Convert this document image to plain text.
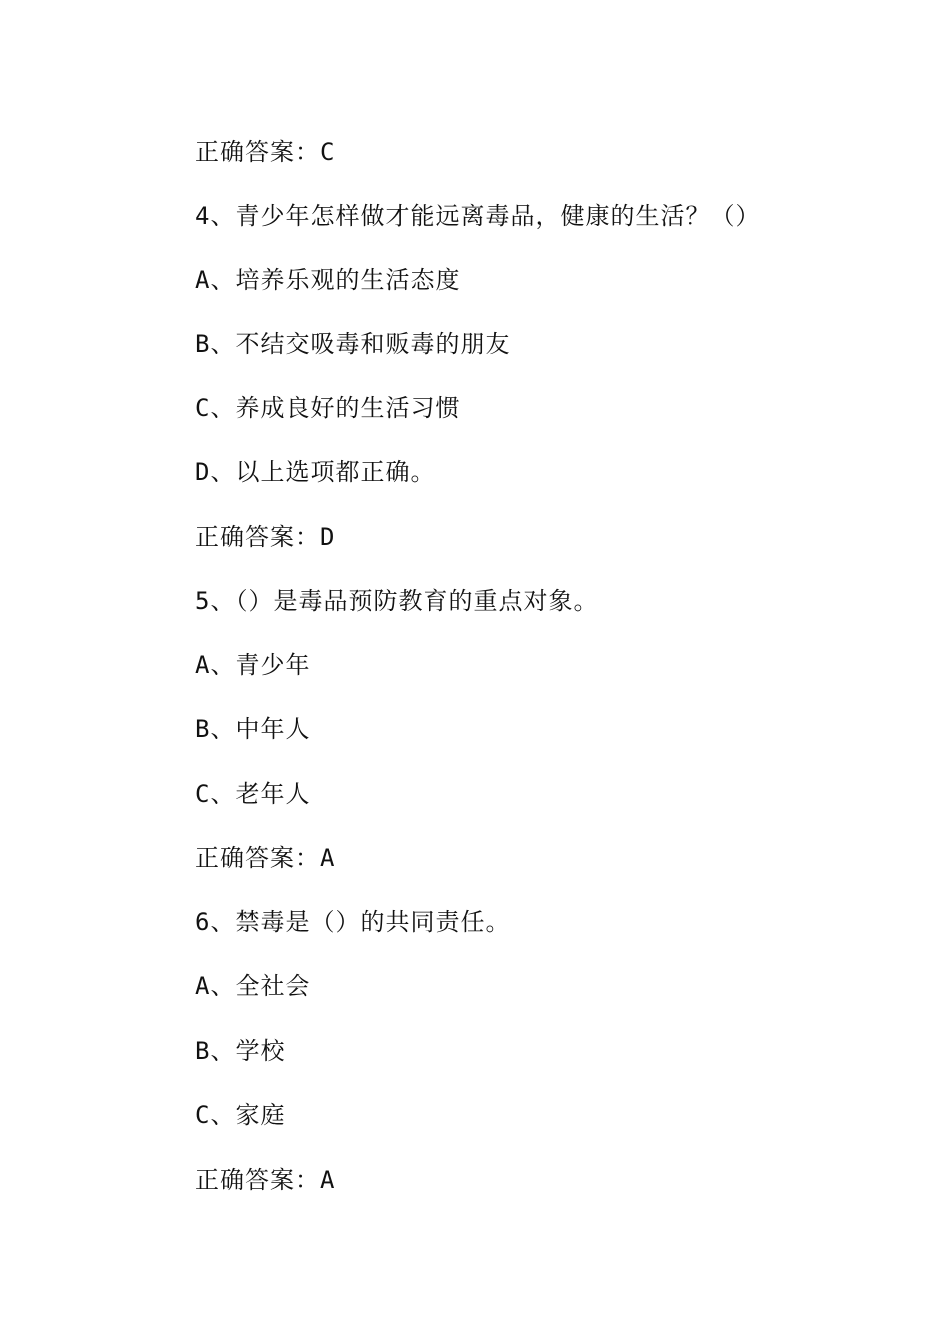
正确答案：C

4、青少年怎样做才能远离毒品，健康的生活？（）

A、培养乐观的生活态度

B、不结交吸毒和贩毒的朋友

C、养成良好的生活习惯

D、以上选项都正确。

正确答案：D

5、（）是毒品预防教育的重点对象。

A、青少年

B、中年人

C、老年人

正确答案：A

6、禁毒是（）的共同责任。

A、全社会

B、学校

C、家庭

正确答案：A
